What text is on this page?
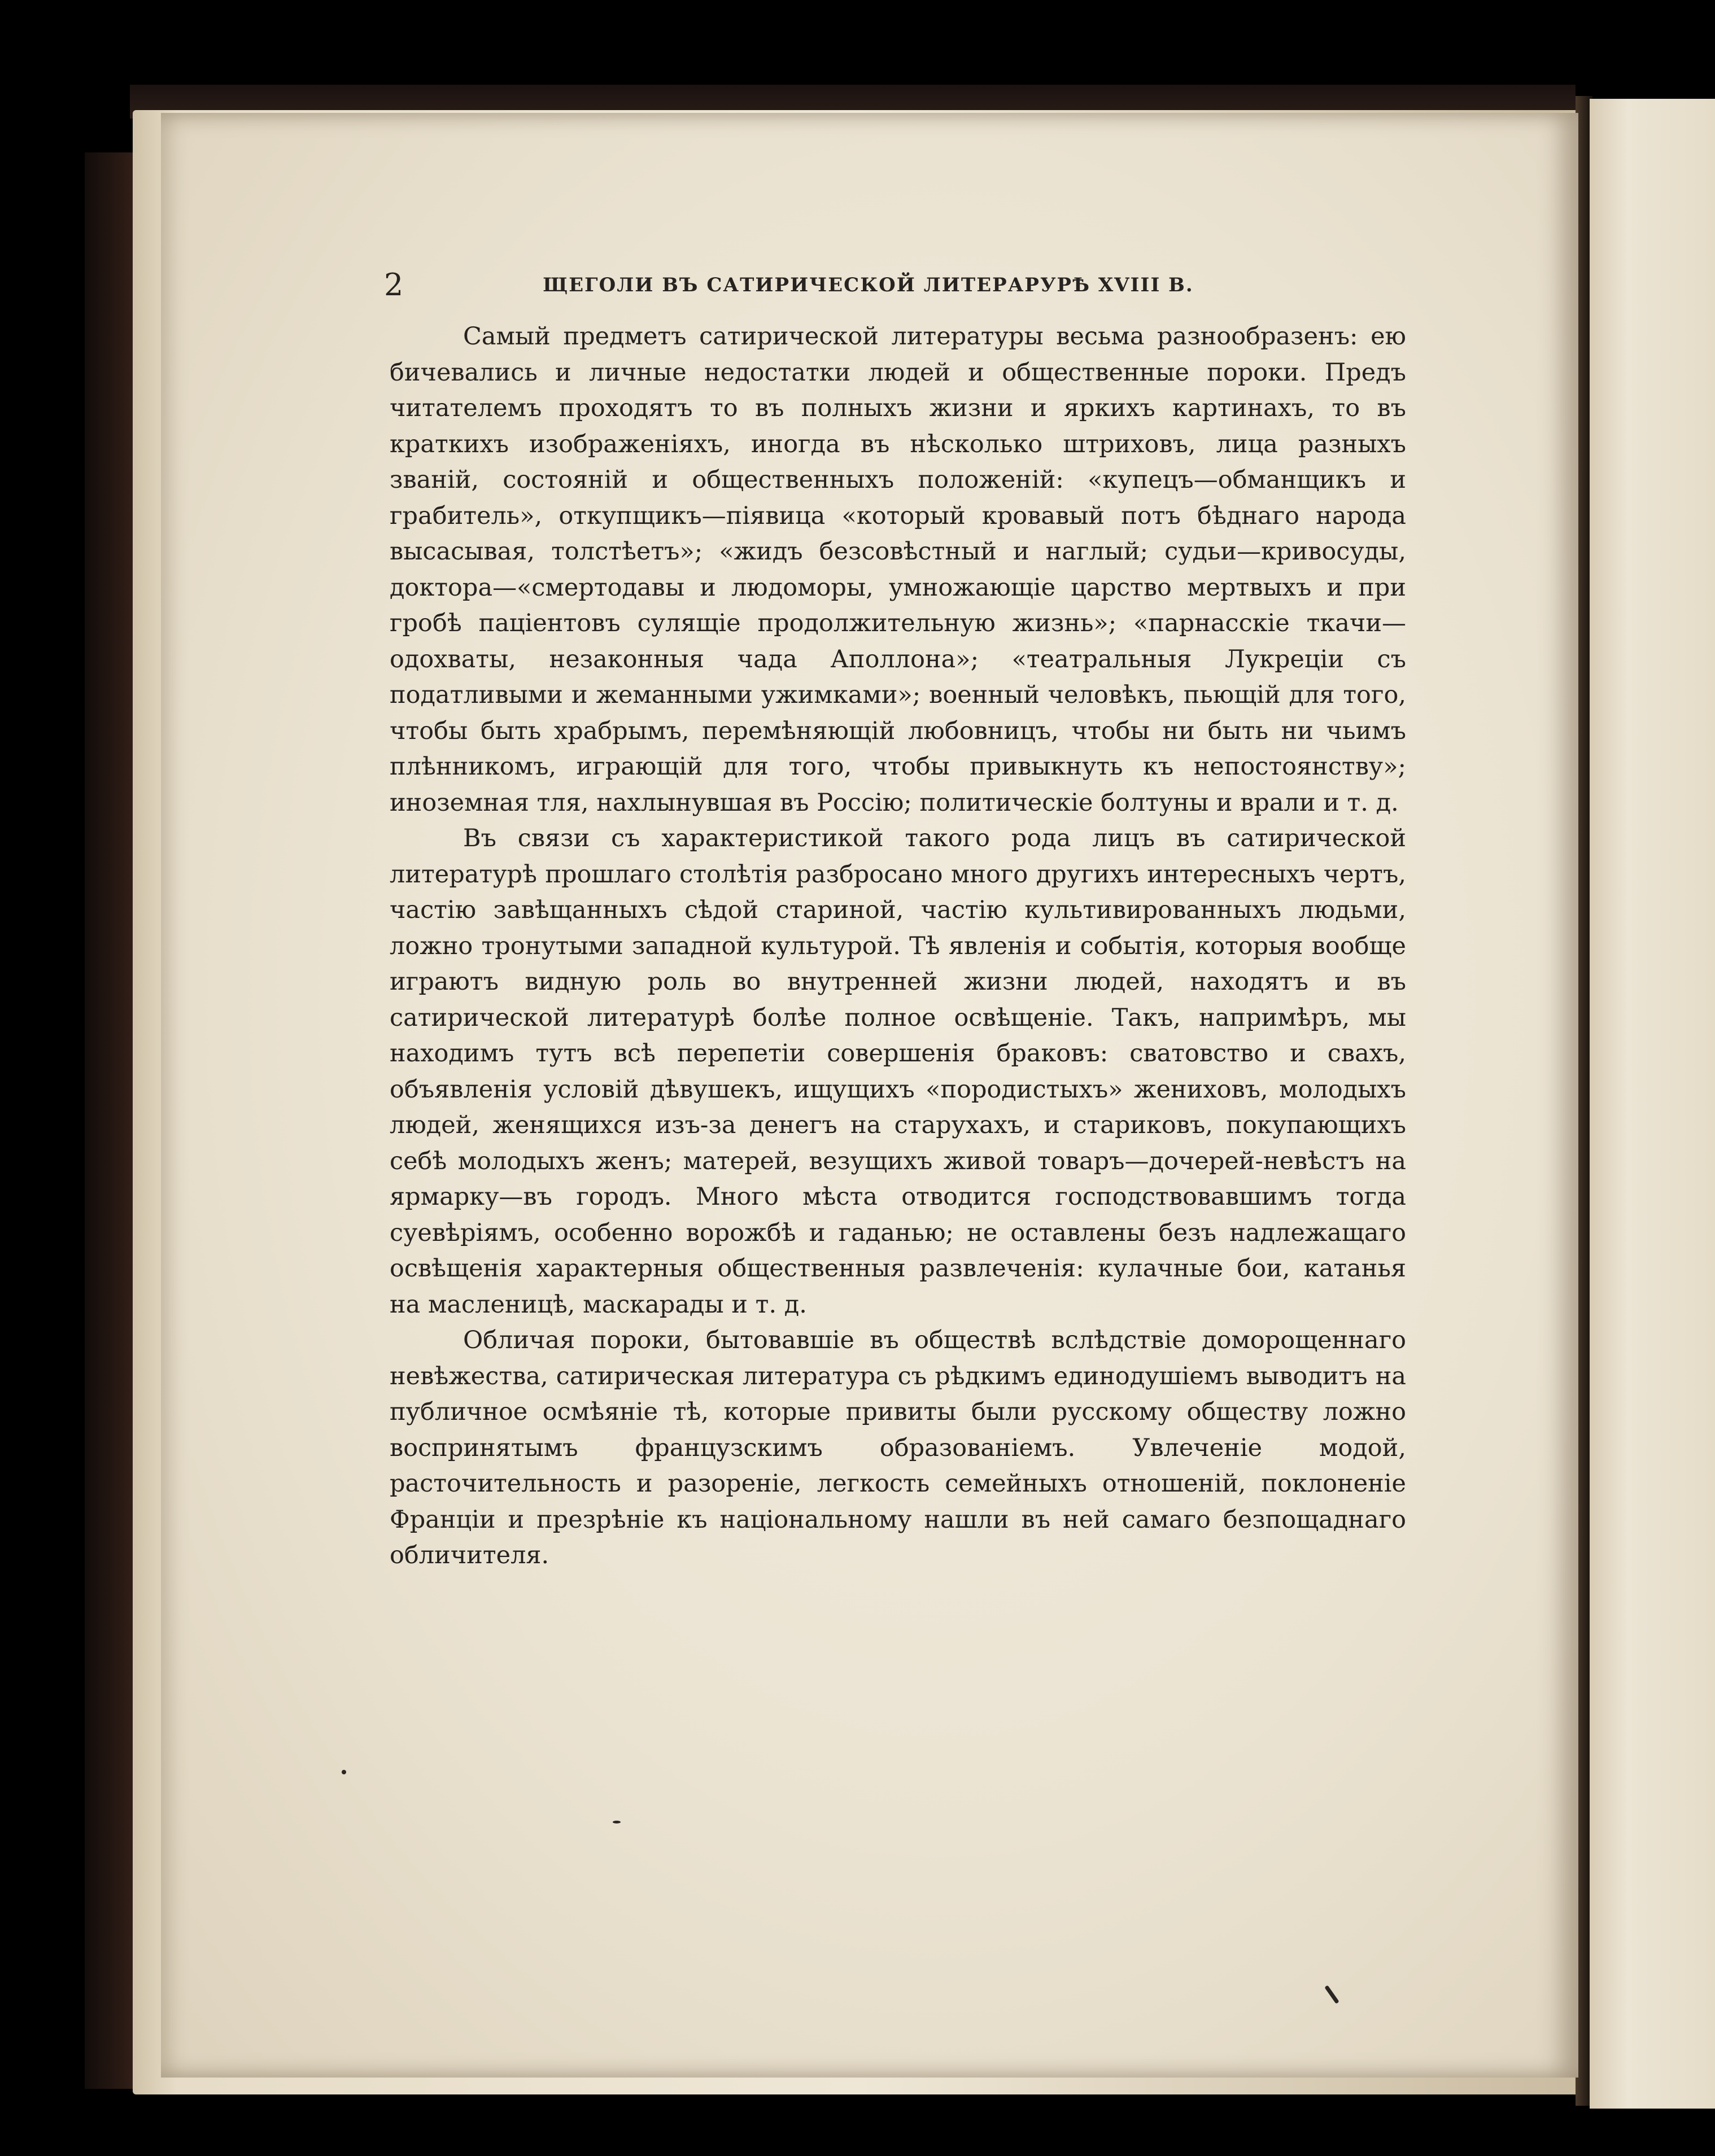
2	ЩЕГОЛИ ВЪ САТИРИЧЕСКОЙ ЛИТЕРАРУРѢ XVIII В.

Самый предметъ сатирической литературы весьма разнообразенъ: ею бичевались и личные недостатки людей и общественные пороки. Предъ читателемъ проходятъ то въ полныхъ жизни и яркихъ картинахъ, то въ краткихъ изображеніяхъ, иногда въ нѣсколько штриховъ, лица разныхъ званій, состояній и общественныхъ положеній: «купецъ—обманщикъ и грабитель», откупщикъ—піявица «который кровавый потъ бѣднаго народа высасывая, толстѣетъ»; «жидъ безсовѣстный и наглый; судьи—кривосуды, доктора—«смертодавы и людоморы, умножающіе царство мертвыхъ и при гробѣ паціентовъ сулящіе продолжительную жизнь»; «парнасскіе ткачи—одохваты, незаконныя чада Аполлона»; «театральныя Лукреціи съ податливыми и жеманными ужимками»; военный человѣкъ, пьющій для того, чтобы быть храбрымъ, перемѣняющій любовницъ, чтобы ни быть ни чьимъ плѣнникомъ, играющій для того, чтобы привыкнуть къ непостоянству»; иноземная тля, нахлынувшая въ Россію; политическіе болтуны и врали и т. д.

Въ связи съ характеристикой такого рода лицъ въ сатирической литературѣ прошлаго столѣтія разбросано много другихъ интересныхъ чертъ, частію завѣщанныхъ сѣдой стариной, частію культивированныхъ людьми, ложно тронутыми западной культурой. Тѣ явленія и событія, которыя вообще играютъ видную роль во внутренней жизни людей, находятъ и въ сатирической литературѣ болѣе полное освѣщеніе. Такъ, напримѣръ, мы находимъ тутъ всѣ перепетіи совершенія браковъ: сватовство и свахъ, объявленія условій дѣвушекъ, ищущихъ «породистыхъ» жениховъ, молодыхъ людей, женящихся изъ-за денегъ на старухахъ, и стариковъ, покупающихъ себѣ молодыхъ женъ; матерей, везущихъ живой товаръ—дочерей-невѣстъ на ярмарку—въ городъ. Много мѣста отводится господствовавшимъ тогда суевѣріямъ, особенно ворожбѣ и гаданью; не оставлены безъ надлежащаго освѣщенія характерныя общественныя развлеченія: кулачные бои, катанья на масленицѣ, маскарады и т. д.

Обличая пороки, бытовавшіе въ обществѣ вслѣдствіе доморощеннаго невѣжества, сатирическая литература съ рѣдкимъ единодушіемъ выводитъ на публичное осмѣяніе тѣ, которые привиты были русскому обществу ложно воспринятымъ французскимъ образованіемъ. Увлеченіе модой, расточительность и разореніе, легкость семейныхъ отношеній, поклоненіе Франціи и презрѣніе къ національному нашли въ ней самаго безпощаднаго обличителя.
